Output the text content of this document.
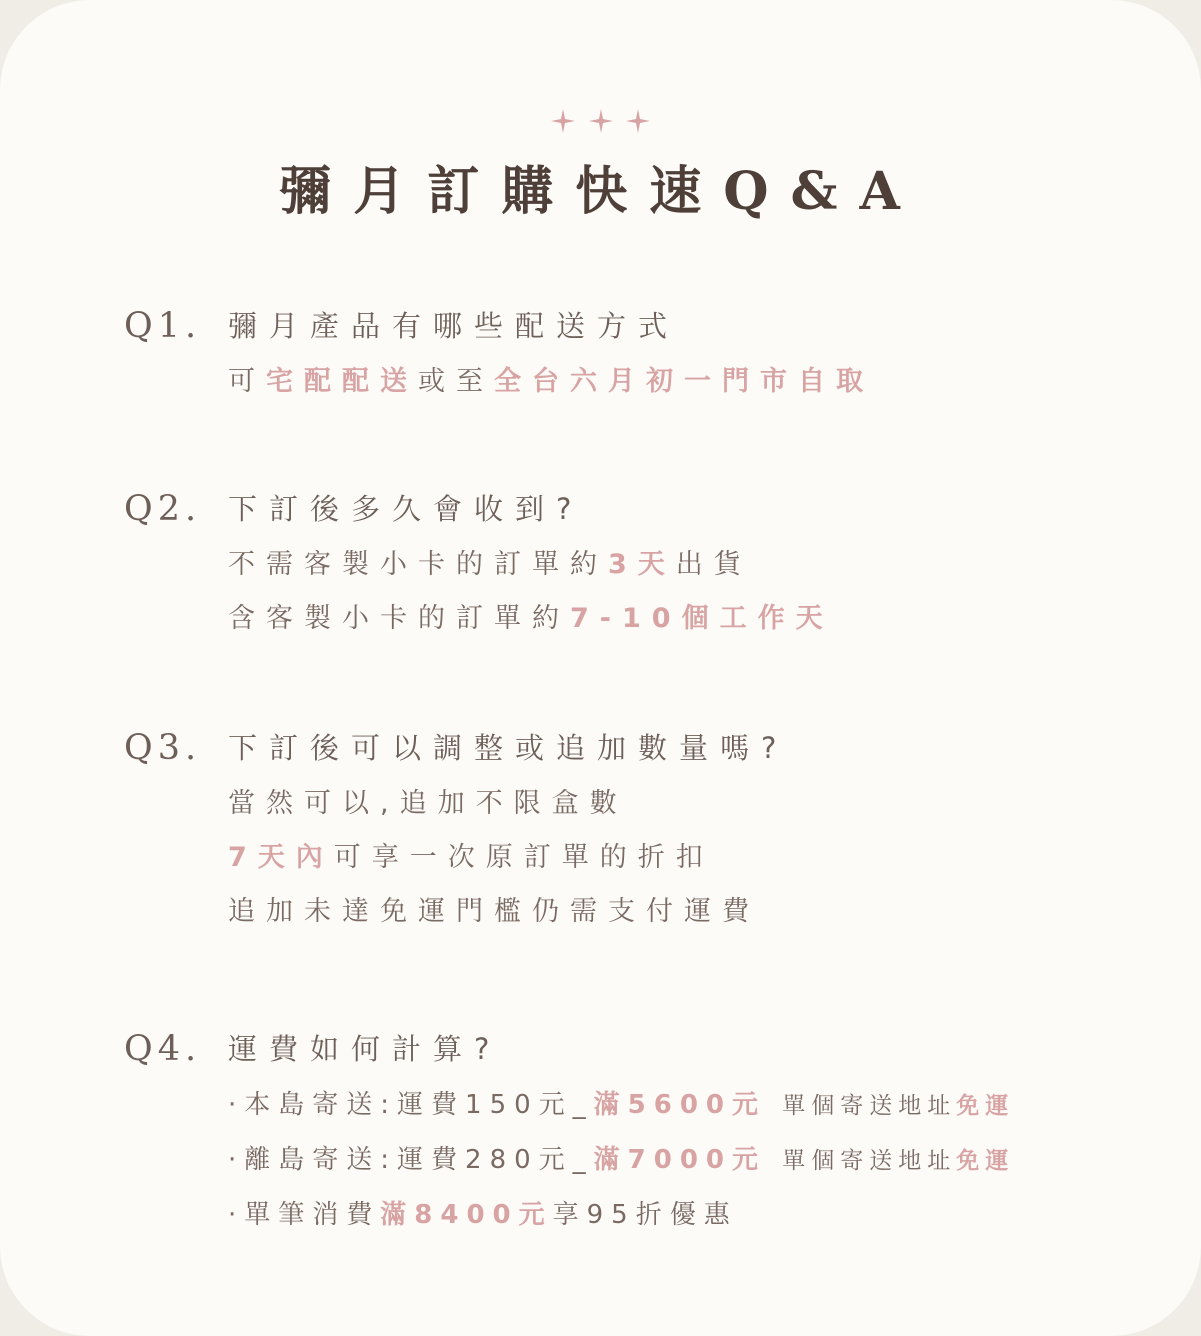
彌月訂購快速Q&A
Q1. 彌月產品有哪些配送方式
可宅配配送或至全台六月初一門市自取
Q2. 下訂後多久會收到?
不需客製小卡的訂單約3天出貨
含客製小卡的訂單約7-10個工作天
Q3. 下訂後可以調整或追加數量嗎?
當然可以,追加不限盒數
7天內可享一次原訂單的折扣
追加未達免運門檻仍需支付運費
Q4. 運費如何計算?
·本島寄送:運費150元_滿5600元 單個寄送地址免運
·離島寄送:運費280元_滿7000元 單個寄送地址免運
·單筆消費滿8400元享95折優惠
